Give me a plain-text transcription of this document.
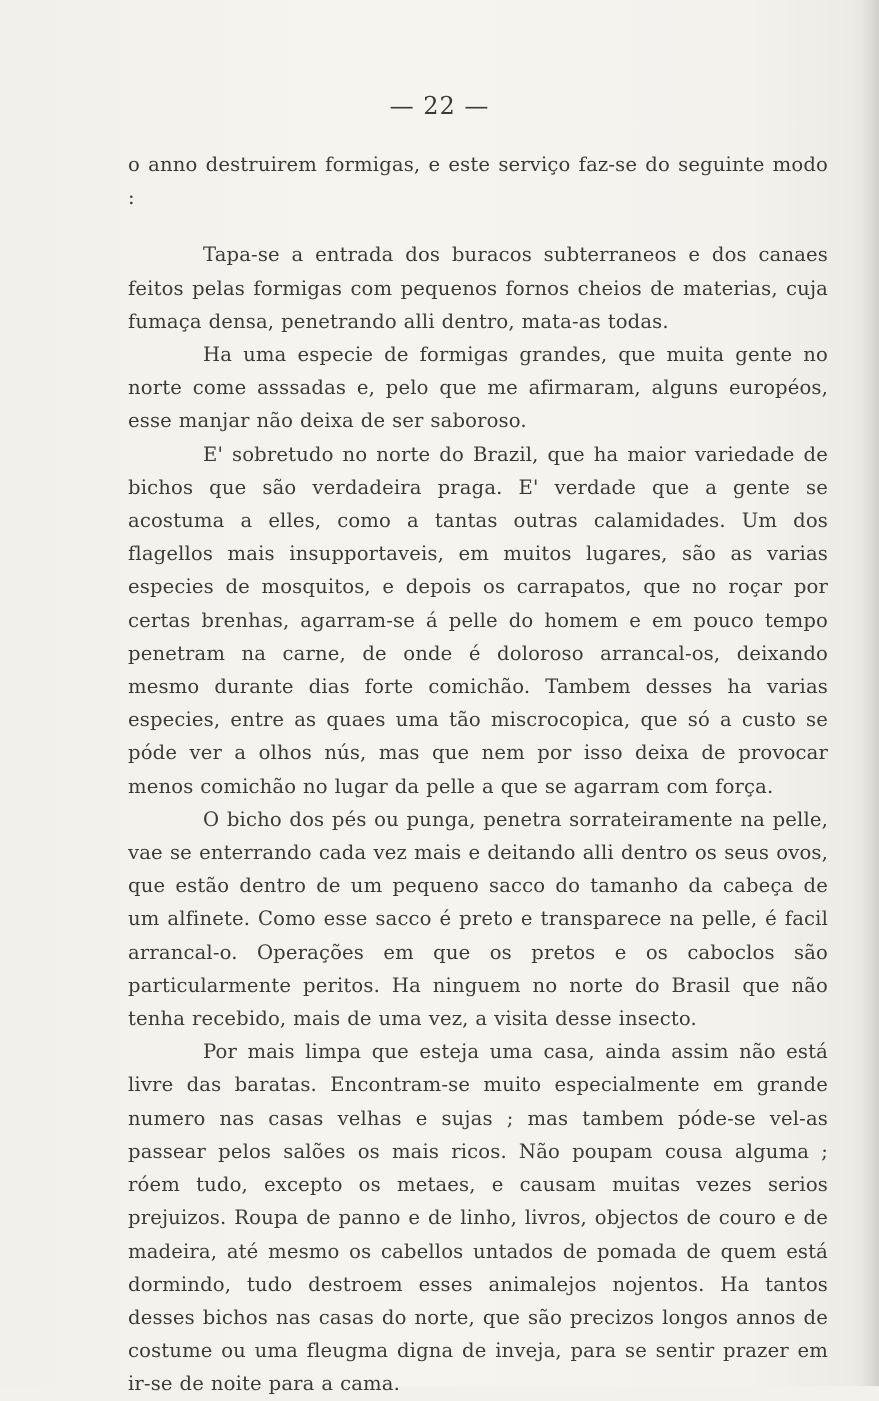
— 22 —

o anno destruirem formigas, e este serviço faz-se do seguinte modo :

Tapa-se a entrada dos buracos subterraneos e dos canaes feitos pelas formigas com pequenos fornos cheios de materias, cuja fumaça densa, penetrando alli dentro, mata-as todas.

Ha uma especie de formigas grandes, que muita gente no norte come asssadas e, pelo que me afirmaram, alguns européos, esse manjar não deixa de ser saboroso.

E' sobretudo no norte do Brazil, que ha maior variedade de bichos que são verdadeira praga. E' verdade que a gente se acostuma a elles, como a tantas outras calamidades. Um dos flagellos mais insupportaveis, em muitos lugares, são as varias especies de mosquitos, e depois os carrapatos, que no roçar por certas brenhas, agarram-se á pelle do homem e em pouco tempo penetram na carne, de onde é doloroso arrancal-os, deixando mesmo durante dias forte comichão. Tambem desses ha varias especies, entre as quaes uma tão miscrocopica, que só a custo se póde ver a olhos nús, mas que nem por isso deixa de provocar menos comichão no lugar da pelle a que se agarram com força.

O bicho dos pés ou punga, penetra sorrateiramente na pelle, vae se enterrando cada vez mais e deitando alli dentro os seus ovos, que estão dentro de um pequeno sacco do tamanho da cabeça de um alfinete. Como esse sacco é preto e transparece na pelle, é facil arrancal-o. Operações em que os pretos e os caboclos são particularmente peritos. Ha ninguem no norte do Brasil que não tenha recebido, mais de uma vez, a visita desse insecto.

Por mais limpa que esteja uma casa, ainda assim não está livre das baratas. Encontram-se muito especialmente em grande numero nas casas velhas e sujas ; mas tambem póde-se vel-as passear pelos salões os mais ricos. Não poupam cousa alguma ; róem tudo, excepto os metaes, e causam muitas vezes serios prejuizos. Roupa de panno e de linho, livros, objectos de couro e de madeira, até mesmo os cabellos untados de pomada de quem está dormindo, tudo destroem esses animalejos nojentos. Ha tantos desses bichos nas casas do norte, que são precizos longos annos de costume ou uma fleugma digna de inveja, para se sentir prazer em ir-se de noite para a cama.
